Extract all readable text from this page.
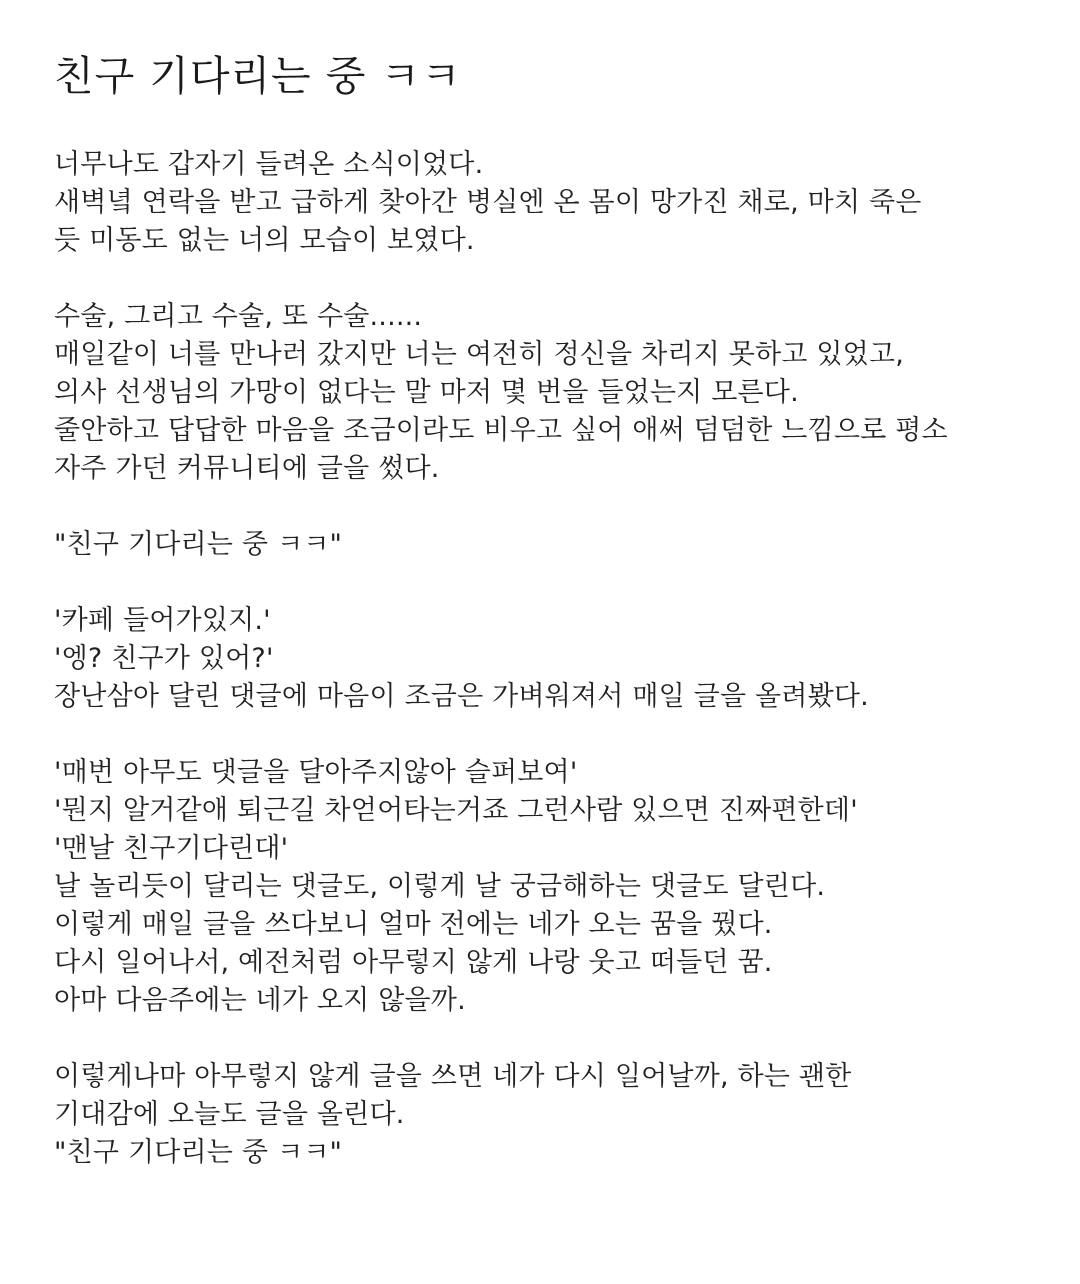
친구 기다리는 중 ㅋㅋ
너무나도 갑자기 들려온 소식이었다.
새벽녘 연락을 받고 급하게 찾아간 병실엔 온 몸이 망가진 채로, 마치 죽은
듯 미동도 없는 너의 모습이 보였다.
수술, 그리고 수술, 또 수술......
매일같이 너를 만나러 갔지만 너는 여전히 정신을 차리지 못하고 있었고,
의사 선생님의 가망이 없다는 말 마저 몇 번을 들었는지 모른다.
줄안하고 답답한 마음을 조금이라도 비우고 싶어 애써 덤덤한 느낌으로 평소
자주 가던 커뮤니티에 글을 썼다.
"친구 기다리는 중 ㅋㅋ"
'카페 들어가있지.'
'엥? 친구가 있어?'
장난삼아 달린 댓글에 마음이 조금은 가벼워져서 매일 글을 올려봤다.
'매번 아무도 댓글을 달아주지않아 슬퍼보여'
'뭔지 알거같애 퇴근길 차얻어타는거죠 그런사람 있으면 진짜편한데'
'맨날 친구기다린대'
날 놀리듯이 달리는 댓글도, 이렇게 날 궁금해하는 댓글도 달린다.
이렇게 매일 글을 쓰다보니 얼마 전에는 네가 오는 꿈을 꿨다.
다시 일어나서, 예전처럼 아무렇지 않게 나랑 웃고 떠들던 꿈.
아마 다음주에는 네가 오지 않을까.
이렇게나마 아무렇지 않게 글을 쓰면 네가 다시 일어날까, 하는 괜한
기대감에 오늘도 글을 올린다.
"친구 기다리는 중 ㅋㅋ"
